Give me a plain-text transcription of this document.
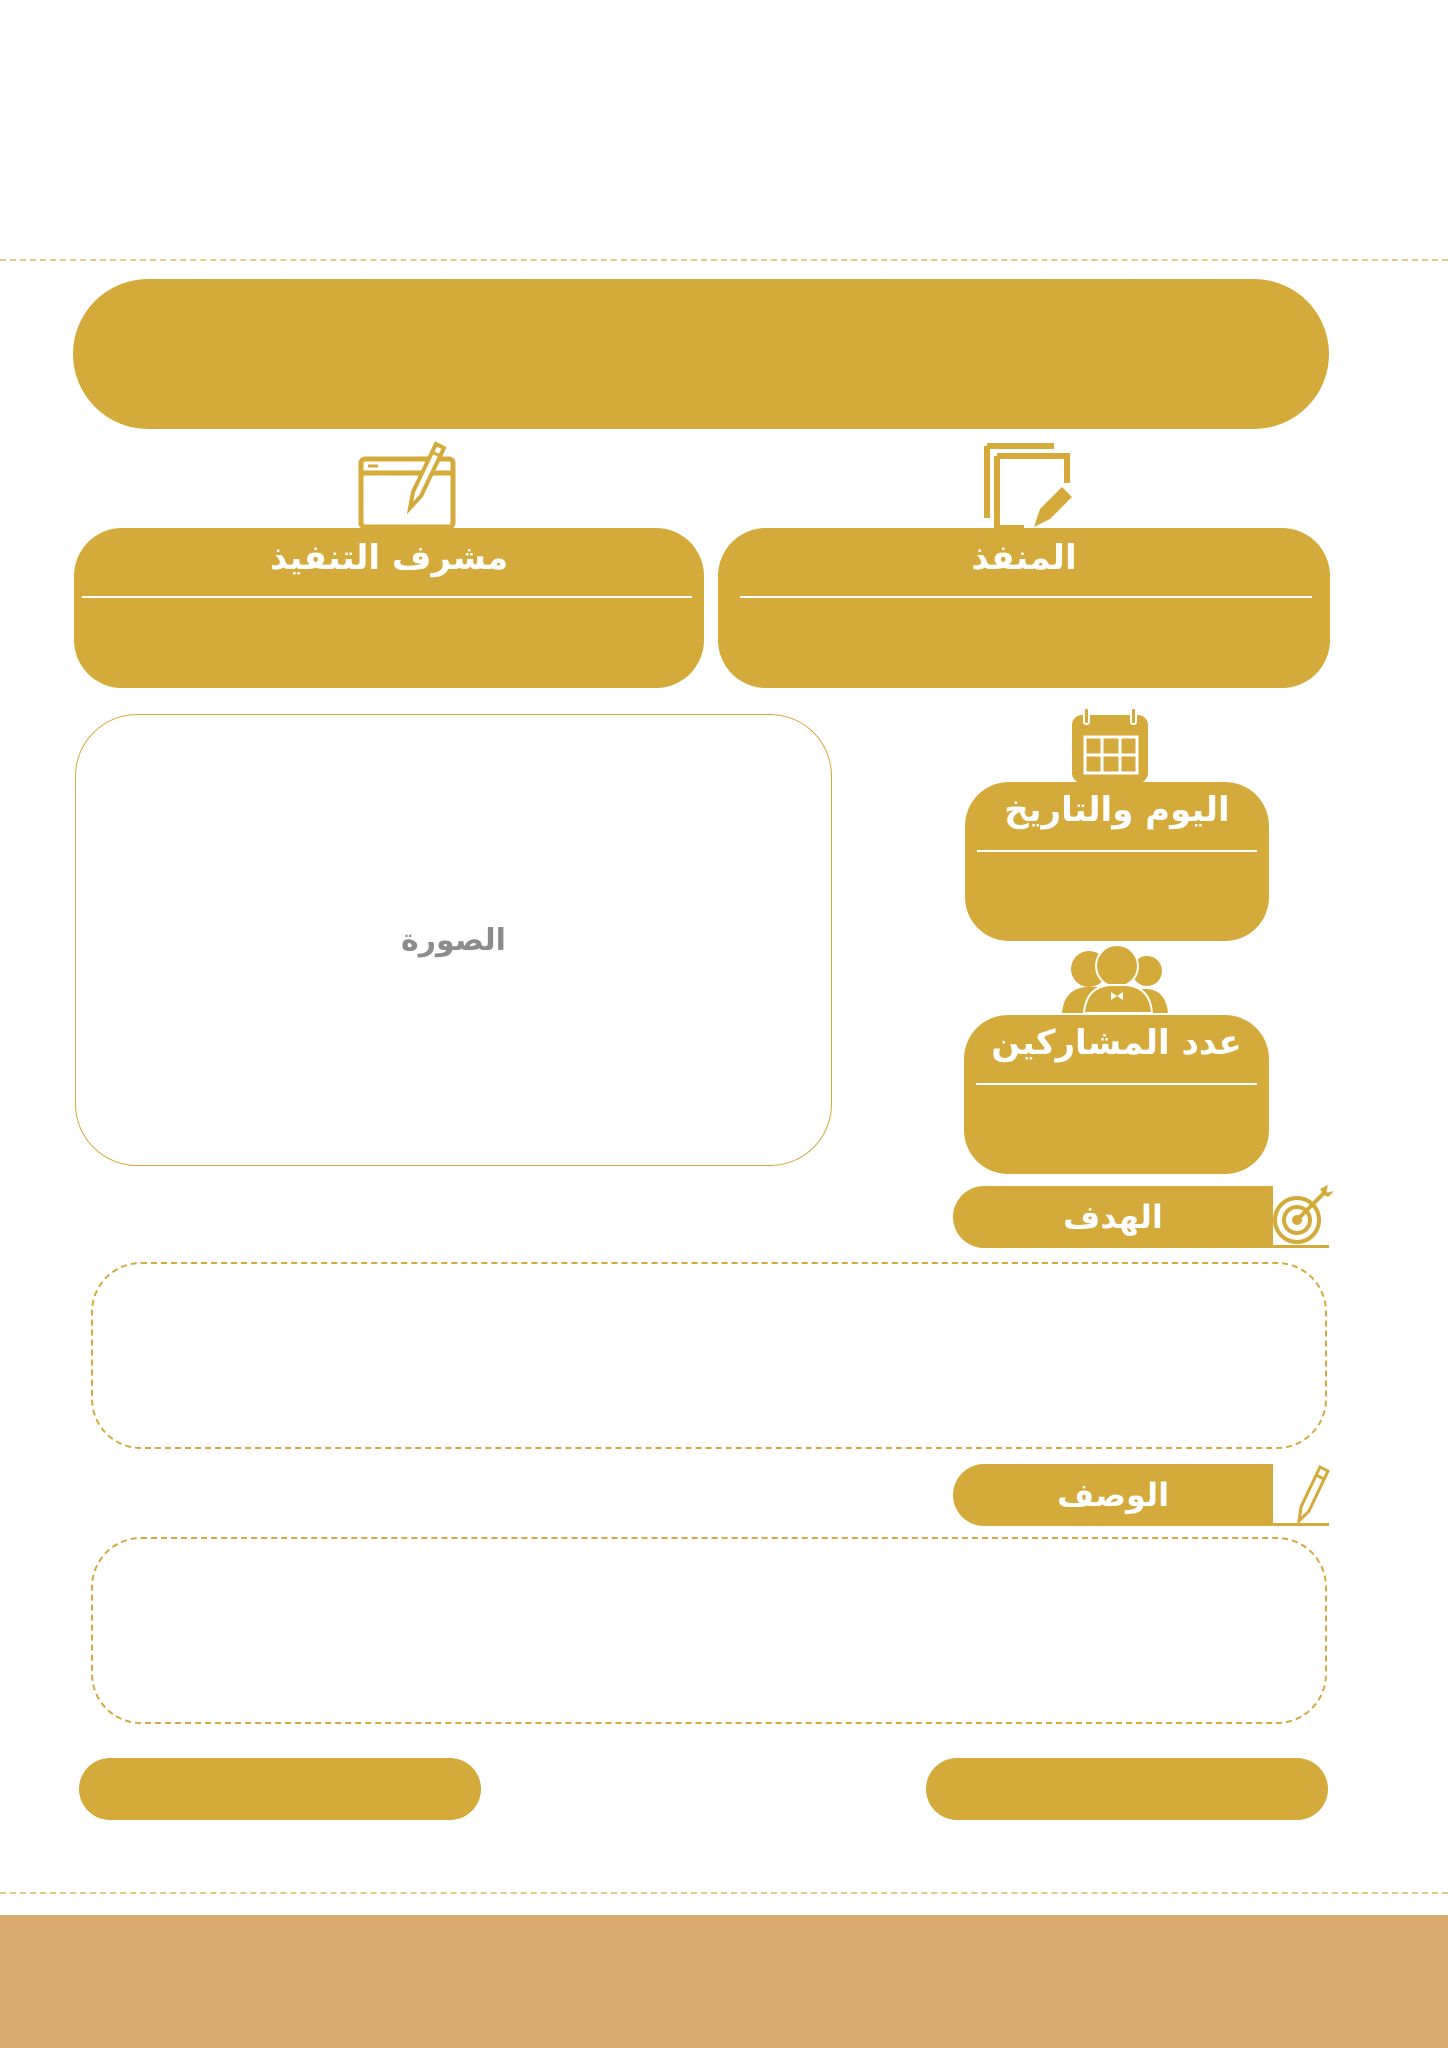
المنفذ
مشرف التنفيذ
الصورة
اليوم والتاريخ
عدد المشاركين
الهدف
الوصف
